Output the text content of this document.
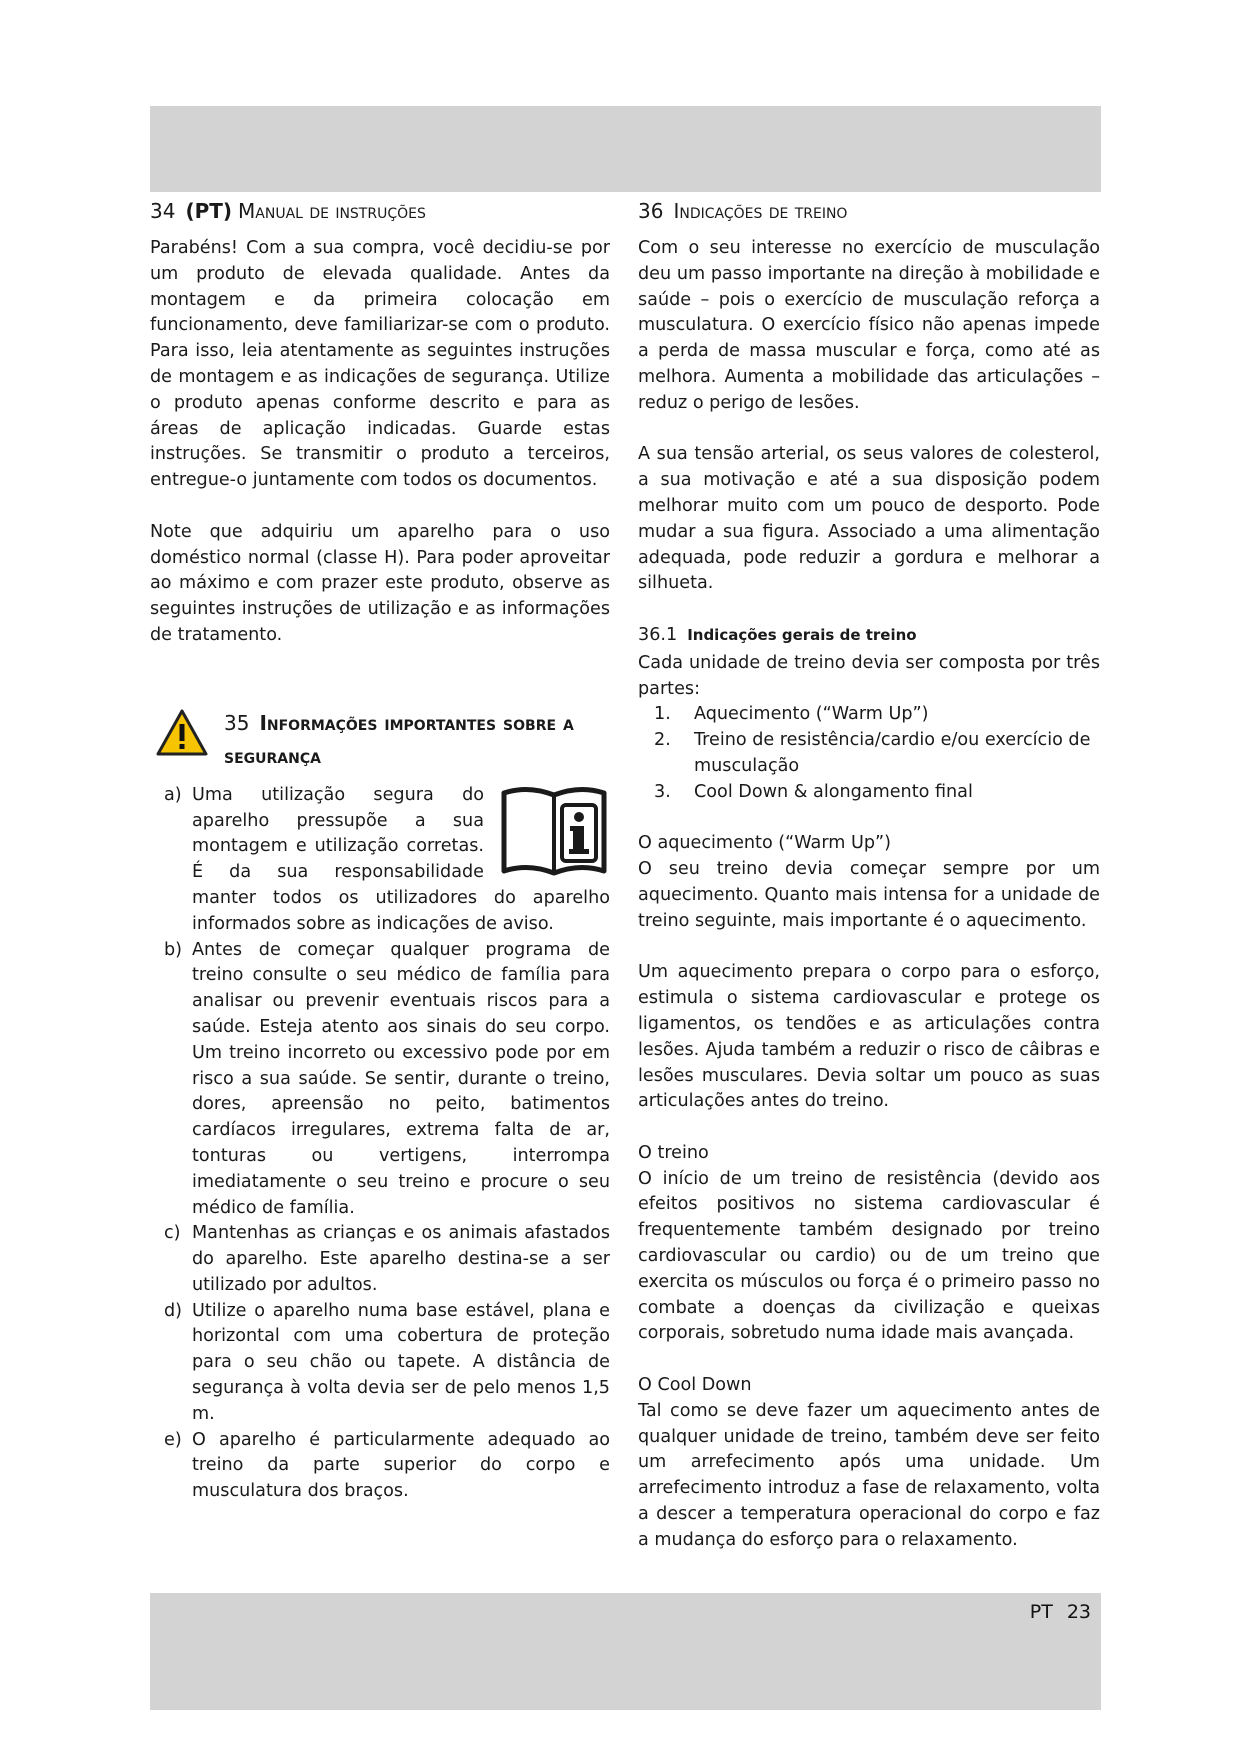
34 (PT) Manual de instruções

Parabéns! Com a sua compra, você decidiu-se por um produto de elevada qualidade. Antes da montagem e da primeira colocação em funcionamento, deve familiarizar-se com o produto. Para isso, leia atentamente as seguintes instruções de montagem e as indicações de segurança. Utilize o produto apenas conforme descrito e para as áreas de aplicação indicadas. Guarde estas instruções. Se transmitir o produto a terceiros, entregue-o juntamente com todos os documentos.

Note que adquiriu um aparelho para o uso doméstico normal (classe H). Para poder aproveitar ao máximo e com prazer este produto, observe as seguintes instruções de utilização e as informações de tratamento.

35 Informações importantes sobre a segurança
a) Uma utilização segura do aparelho pressupõe a sua montagem e utilização corretas. É da sua responsabilidade manter todos os utilizadores do aparelho informados sobre as indicações de aviso.
b) Antes de começar qualquer programa de treino consulte o seu médico de família para analisar ou prevenir eventuais riscos para a saúde. Esteja atento aos sinais do seu corpo. Um treino incorreto ou excessivo pode por em risco a sua saúde. Se sentir, durante o treino, dores, apreensão no peito, batimentos cardíacos irregulares, extrema falta de ar, tonturas ou vertigens, interrompa imediatamente o seu treino e procure o seu médico de família.
c) Mantenhas as crianças e os animais afastados do aparelho. Este aparelho destina-se a ser utilizado por adultos.
d) Utilize o aparelho numa base estável, plana e horizontal com uma cobertura de proteção para o seu chão ou tapete. A distância de segurança à volta devia ser de pelo menos 1,5 m.
e) O aparelho é particularmente adequado ao treino da parte superior do corpo e musculatura dos braços.
36 Indicações de treino

Com o seu interesse no exercício de musculação deu um passo importante na direção à mobilidade e saúde – pois o exercício de musculação reforça a musculatura. O exercício físico não apenas impede a perda de massa muscular e força, como até as melhora. Aumenta a mobilidade das articulações – reduz o perigo de lesões.

A sua tensão arterial, os seus valores de colesterol, a sua motivação e até a sua disposição podem melhorar muito com um pouco de desporto. Pode mudar a sua figura. Associado a uma alimentação adequada, pode reduzir a gordura e melhorar a silhueta.

36.1 Indicações gerais de treino

Cada unidade de treino devia ser composta por três partes:

1. Aquecimento (“Warm Up”)
2. Treino de resistência/cardio e/ou exercício de musculação
3. Cool Down & alongamento final

O aquecimento (“Warm Up”)

O seu treino devia começar sempre por um aquecimento. Quanto mais intensa for a unidade de treino seguinte, mais importante é o aquecimento.

Um aquecimento prepara o corpo para o esforço, estimula o sistema cardiovascular e protege os ligamentos, os tendões e as articulações contra lesões. Ajuda também a reduzir o risco de câibras e lesões musculares. Devia soltar um pouco as suas articulações antes do treino.

O treino

O início de um treino de resistência (devido aos efeitos positivos no sistema cardiovascular é frequentemente também designado por treino cardiovascular ou cardio) ou de um treino que exercita os músculos ou força é o primeiro passo no combate a doenças da civilização e queixas corporais, sobretudo numa idade mais avançada.

O Cool Down

Tal como se deve fazer um aquecimento antes de qualquer unidade de treino, também deve ser feito um arrefecimento após uma unidade. Um arrefecimento introduz a fase de relaxamento, volta a descer a temperatura operacional do corpo e faz a mudança do esforço para o relaxamento.

PT 23
